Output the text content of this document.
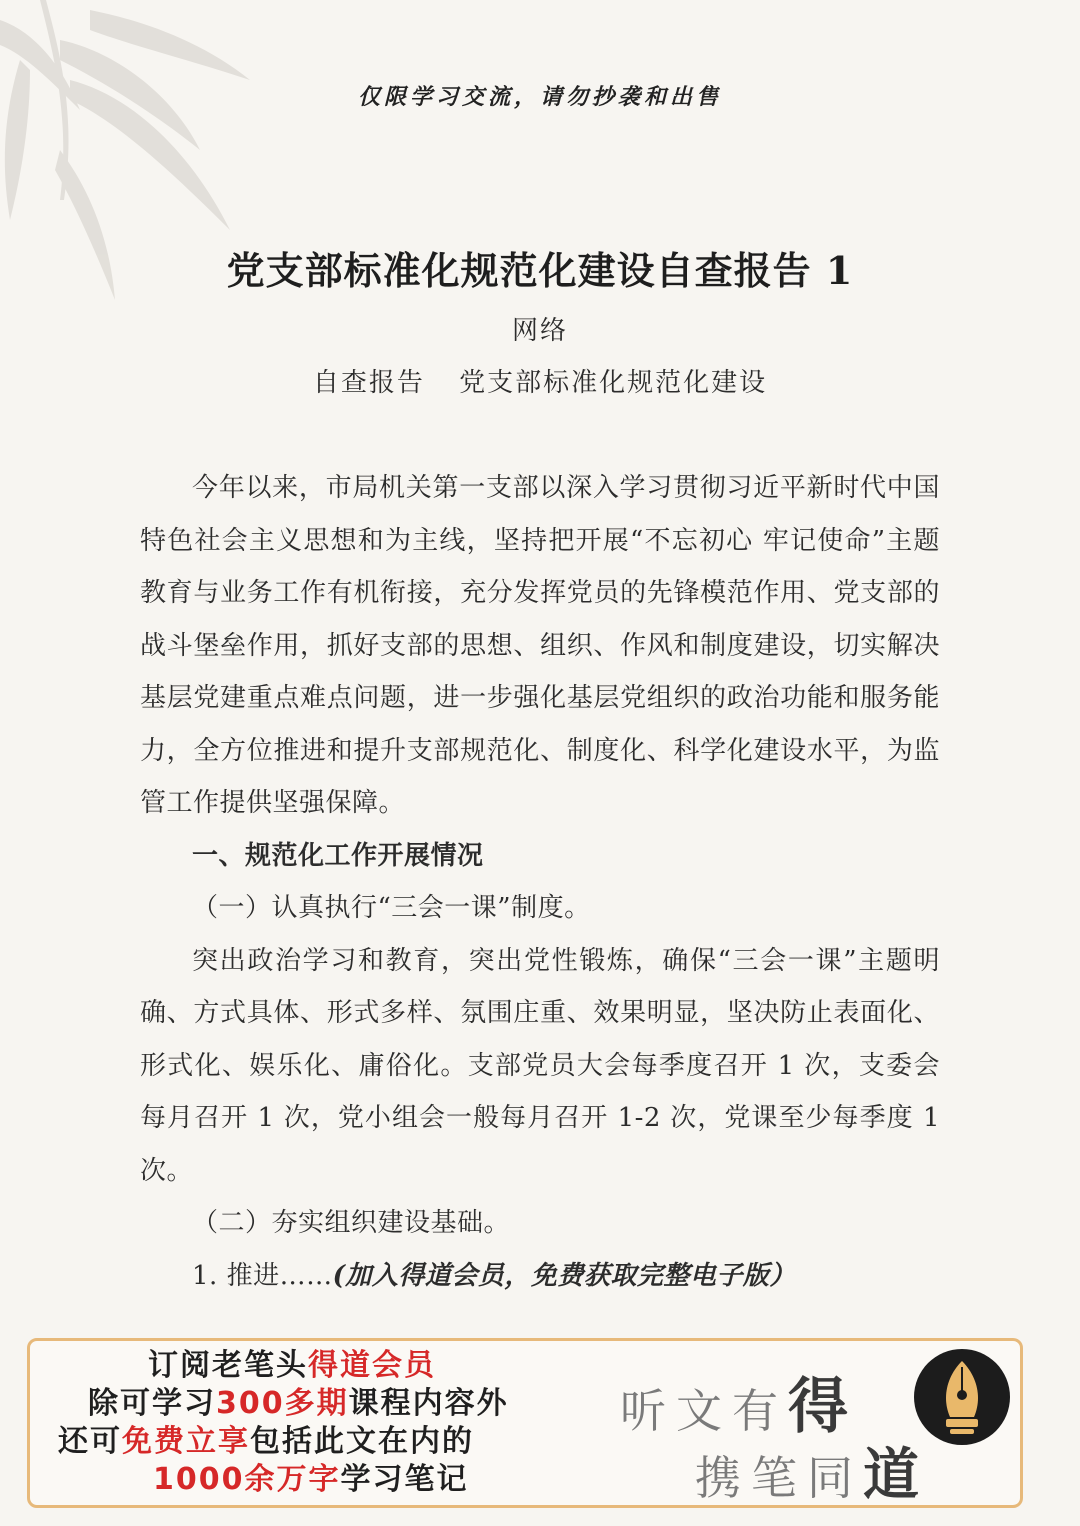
仅限学习交流，请勿抄袭和出售
党支部标准化规范化建设自查报告 1
网络
自查报告 党支部标准化规范化建设

今年以来，市局机关第一支部以深入学习贯彻习近平新时代中国特色社会主义思想和为主线，坚持把开展“不忘初心 牢记使命”主题教育与业务工作有机衔接，充分发挥党员的先锋模范作用、党支部的战斗堡垒作用，抓好支部的思想、组织、作风和制度建设，切实解决基层党建重点难点问题，进一步强化基层党组织的政治功能和服务能力，全方位推进和提升支部规范化、制度化、科学化建设水平，为监管工作提供坚强保障。

一、规范化工作开展情况

（一）认真执行“三会一课”制度。

突出政治学习和教育，突出党性锻炼，确保“三会一课”主题明确、方式具体、形式多样、氛围庄重、效果明显，坚决防止表面化、形式化、娱乐化、庸俗化。支部党员大会每季度召开 1 次，支委会每月召开 1 次，党小组会一般每月召开 1-2 次，党课至少每季度 1 次。

（二）夯实组织建设基础。

1. 推进……(加入得道会员，免费获取完整电子版）

订阅老笔头得道会员
除可学习300多期课程内容外
还可免费立享包括此文在内的
1000余万字学习笔记
听文有得
携笔同道
